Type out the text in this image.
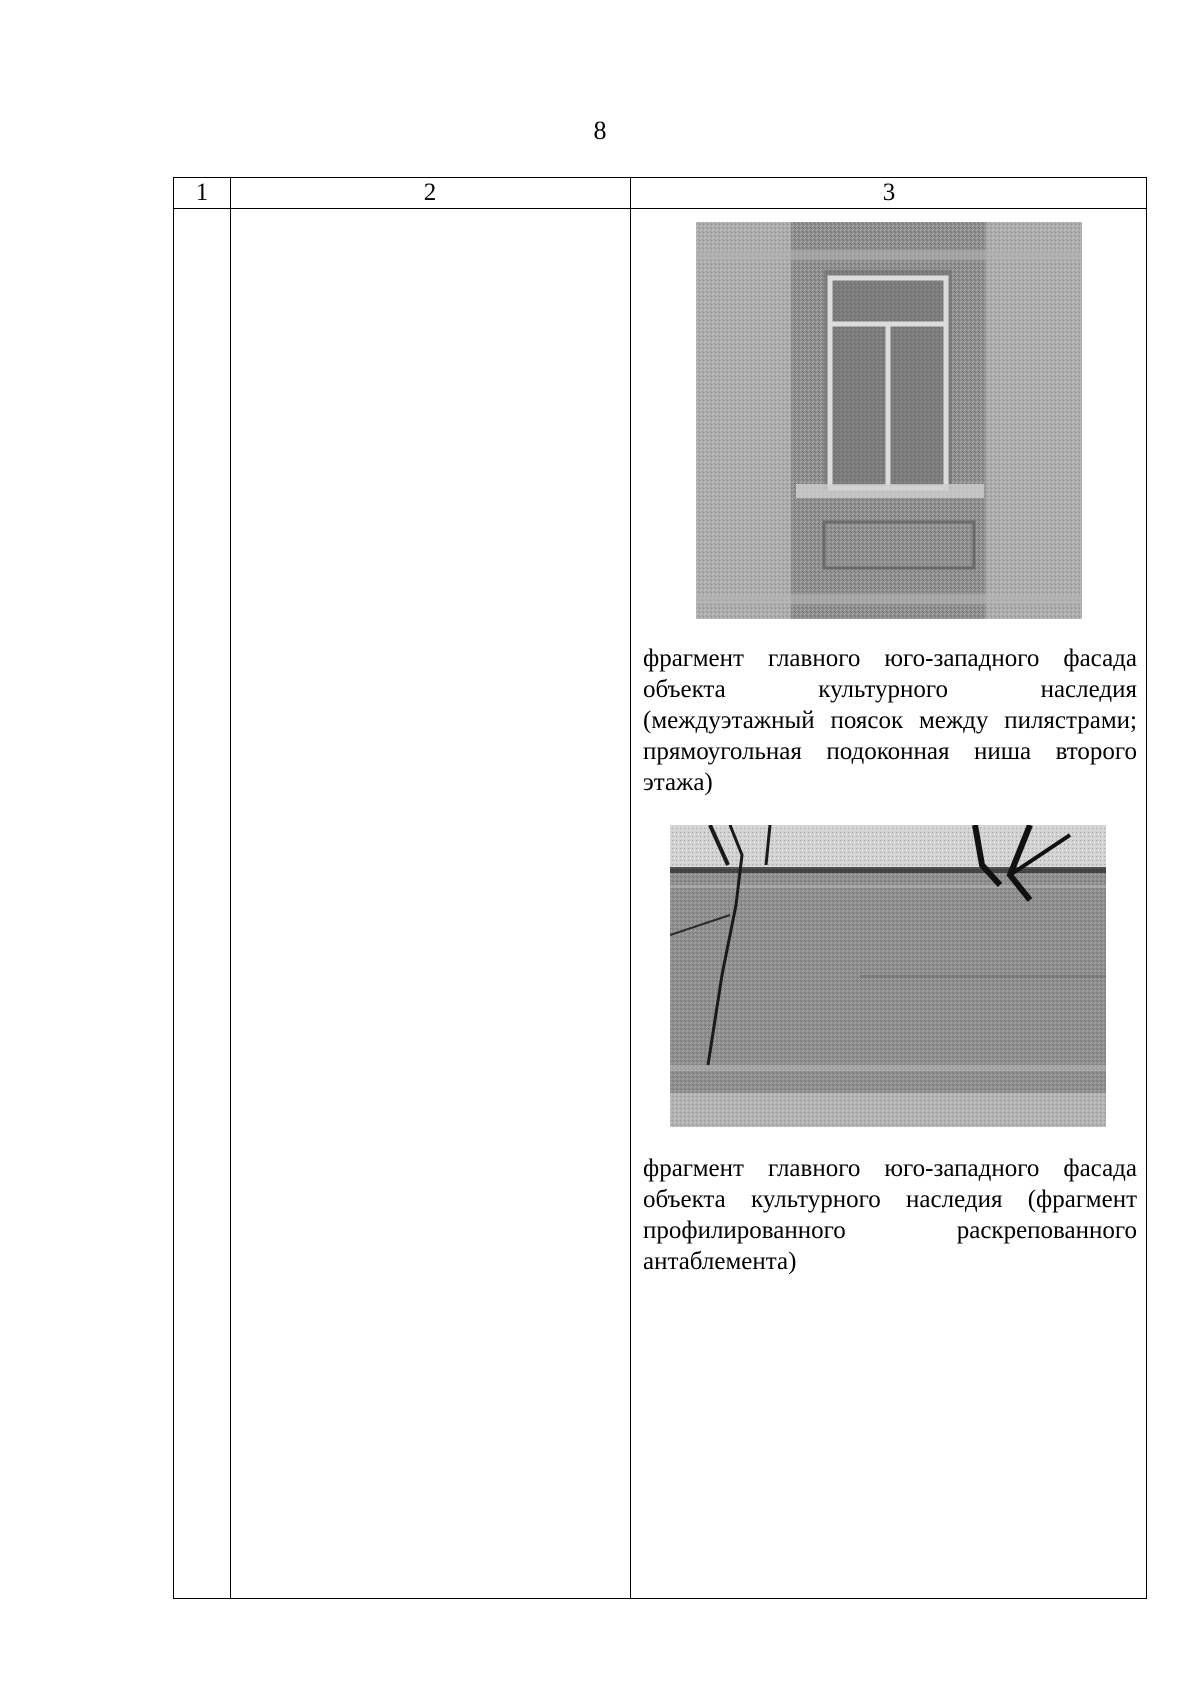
8
1	2	3
фрагмент главного юго-западного фасада объекта культурного наследия (междуэтажный поясок между пилястрами; прямоугольная подоконная ниша второго этажа)
фрагмент главного юго-западного фасада объекта культурного наследия (фрагмент профилированного раскрепованного антаблемента)
